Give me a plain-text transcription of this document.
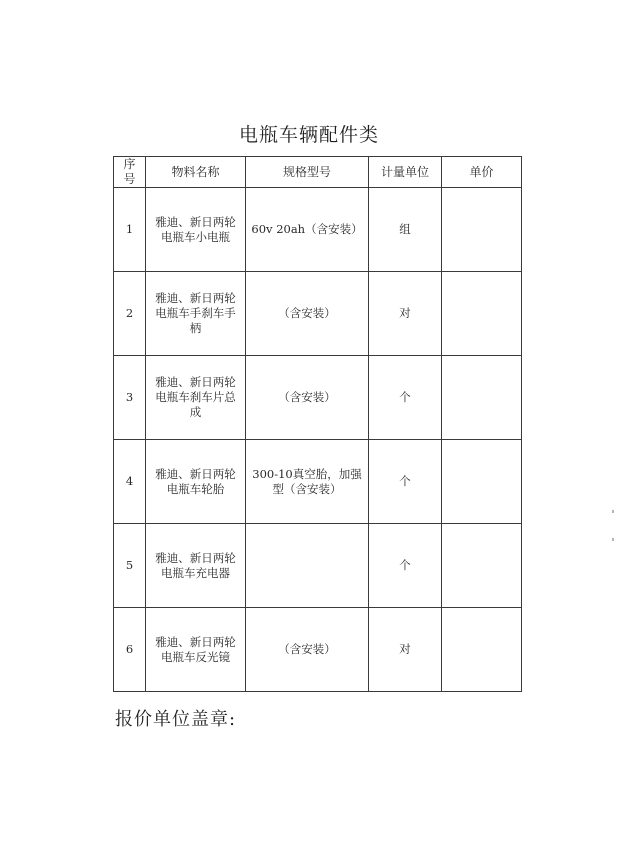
电瓶车辆配件类
序号	物料名称	规格型号	计量单位	单价
1	雅迪、新日两轮电瓶车小电瓶	60v 20ah（含安装）	组	
2	雅迪、新日两轮电瓶车手刹车手柄	（含安装）	对	
3	雅迪、新日两轮电瓶车刹车片总成	（含安装）	个	
4	雅迪、新日两轮电瓶车轮胎	300-10真空胎，加强型（含安装）	个	
5	雅迪、新日两轮电瓶车充电器		个	
6	雅迪、新日两轮电瓶车反光镜	（含安装）	对	
报价单位盖章:
